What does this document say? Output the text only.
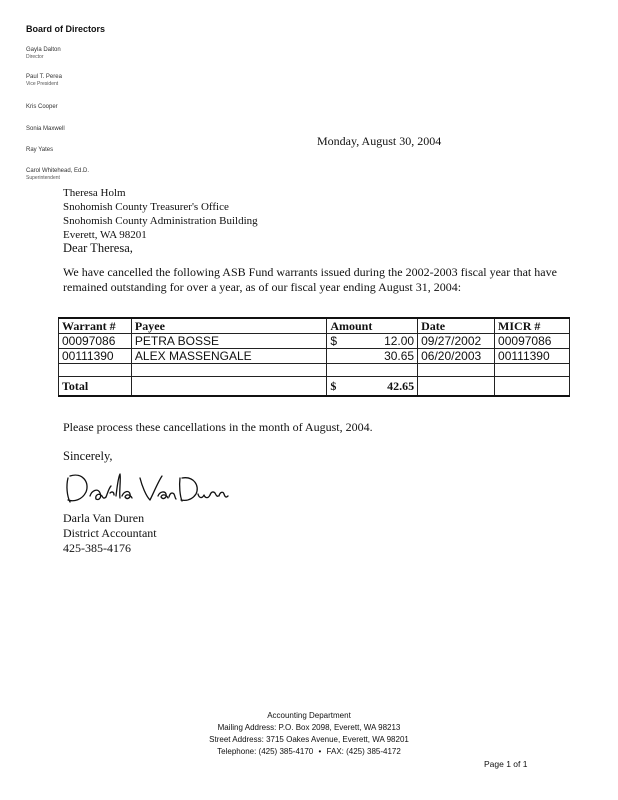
Board of Directors
Gayla Dalton
Director
Paul T. Perea
Vice President
Kris Cooper
Sonia Maxwell
Ray Yates
Carol Whitehead, Ed.D.
Superintendent
Monday, August 30, 2004
Theresa Holm
Snohomish County Treasurer's Office
Snohomish County Administration Building
Everett, WA 98201
Dear Theresa,
We have cancelled the following ASB Fund warrants issued during the 2002-2003 fiscal year that have remained outstanding for over a year, as of our fiscal year ending August 31, 2004:
Warrant #	Payee	Amount	Date	MICR #
00097086	PETRA BOSSE	$ 12.00	09/27/2002	00097086
00111390	ALEX MASSENGALE	30.65	06/20/2003	00111390

Total		$ 42.65		

Please process these cancellations in the month of August, 2004.
Sincerely,
Darla Van Duren
District Accountant
425-385-4176
Accounting Department
Mailing Address: P.O. Box 2098, Everett, WA 98213
Street Address: 3715 Oakes Avenue, Everett, WA 98201
Telephone: (425) 385-4170 • FAX: (425) 385-4172
Page 1 of 1
